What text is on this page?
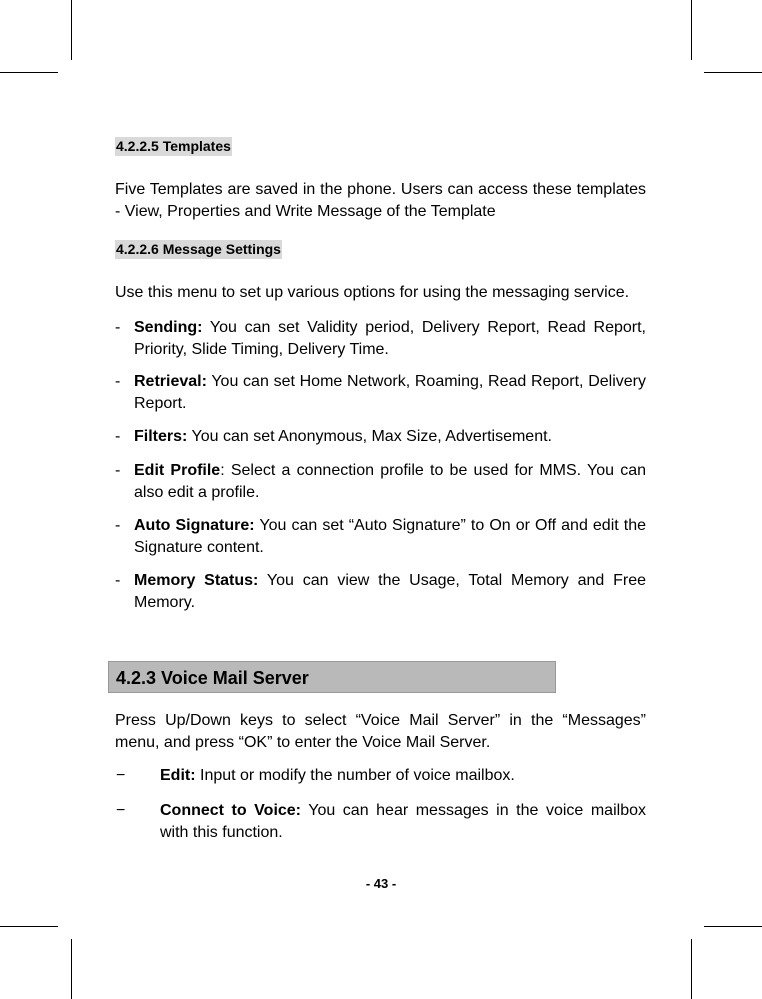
4.2.2.5 Templates
Five Templates are saved in the phone. Users can access these templates - View, Properties and Write Message of the Template
4.2.2.6 Message Settings
Use this menu to set up various options for using the messaging service.
- Sending: You can set Validity period, Delivery Report, Read Report, Priority, Slide Timing, Delivery Time.
- Retrieval: You can set Home Network, Roaming, Read Report, Delivery Report.
- Filters: You can set Anonymous, Max Size, Advertisement.
- Edit Profile: Select a connection profile to be used for MMS. You can also edit a profile.
- Auto Signature: You can set “Auto Signature” to On or Off and edit the Signature content.
- Memory Status: You can view the Usage, Total Memory and Free Memory.
4.2.3 Voice Mail Server
Press Up/Down keys to select “Voice Mail Server” in the “Messages” menu, and press “OK” to enter the Voice Mail Server.
− Edit: Input or modify the number of voice mailbox.
− Connect to Voice: You can hear messages in the voice mailbox with this function.
- 43 -
